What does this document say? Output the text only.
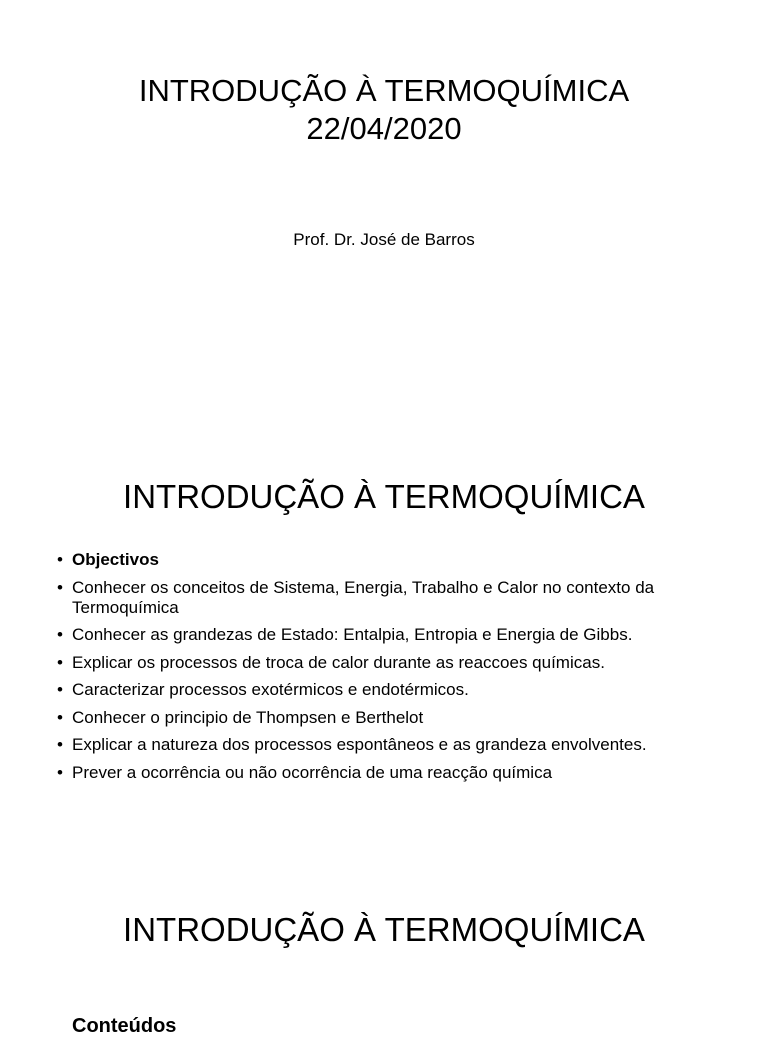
INTRODUÇÃO À TERMOQUÍMICA
22/04/2020
Prof. Dr. José de Barros
INTRODUÇÃO À TERMOQUÍMICA
• Objectivos
• Conhecer os conceitos de Sistema, Energia, Trabalho e Calor no contexto da Termoquímica
• Conhecer as grandezas de Estado: Entalpia, Entropia e Energia de Gibbs.
• Explicar os processos de troca de calor durante as reaccoes químicas.
• Caracterizar processos exotérmicos e endotérmicos.
• Conhecer o principio de Thompsen e Berthelot
• Explicar a natureza dos processos espontâneos e as grandeza envolventes.
• Prever a ocorrência ou não ocorrência de uma reacção química
INTRODUÇÃO À TERMOQUÍMICA
Conteúdos
